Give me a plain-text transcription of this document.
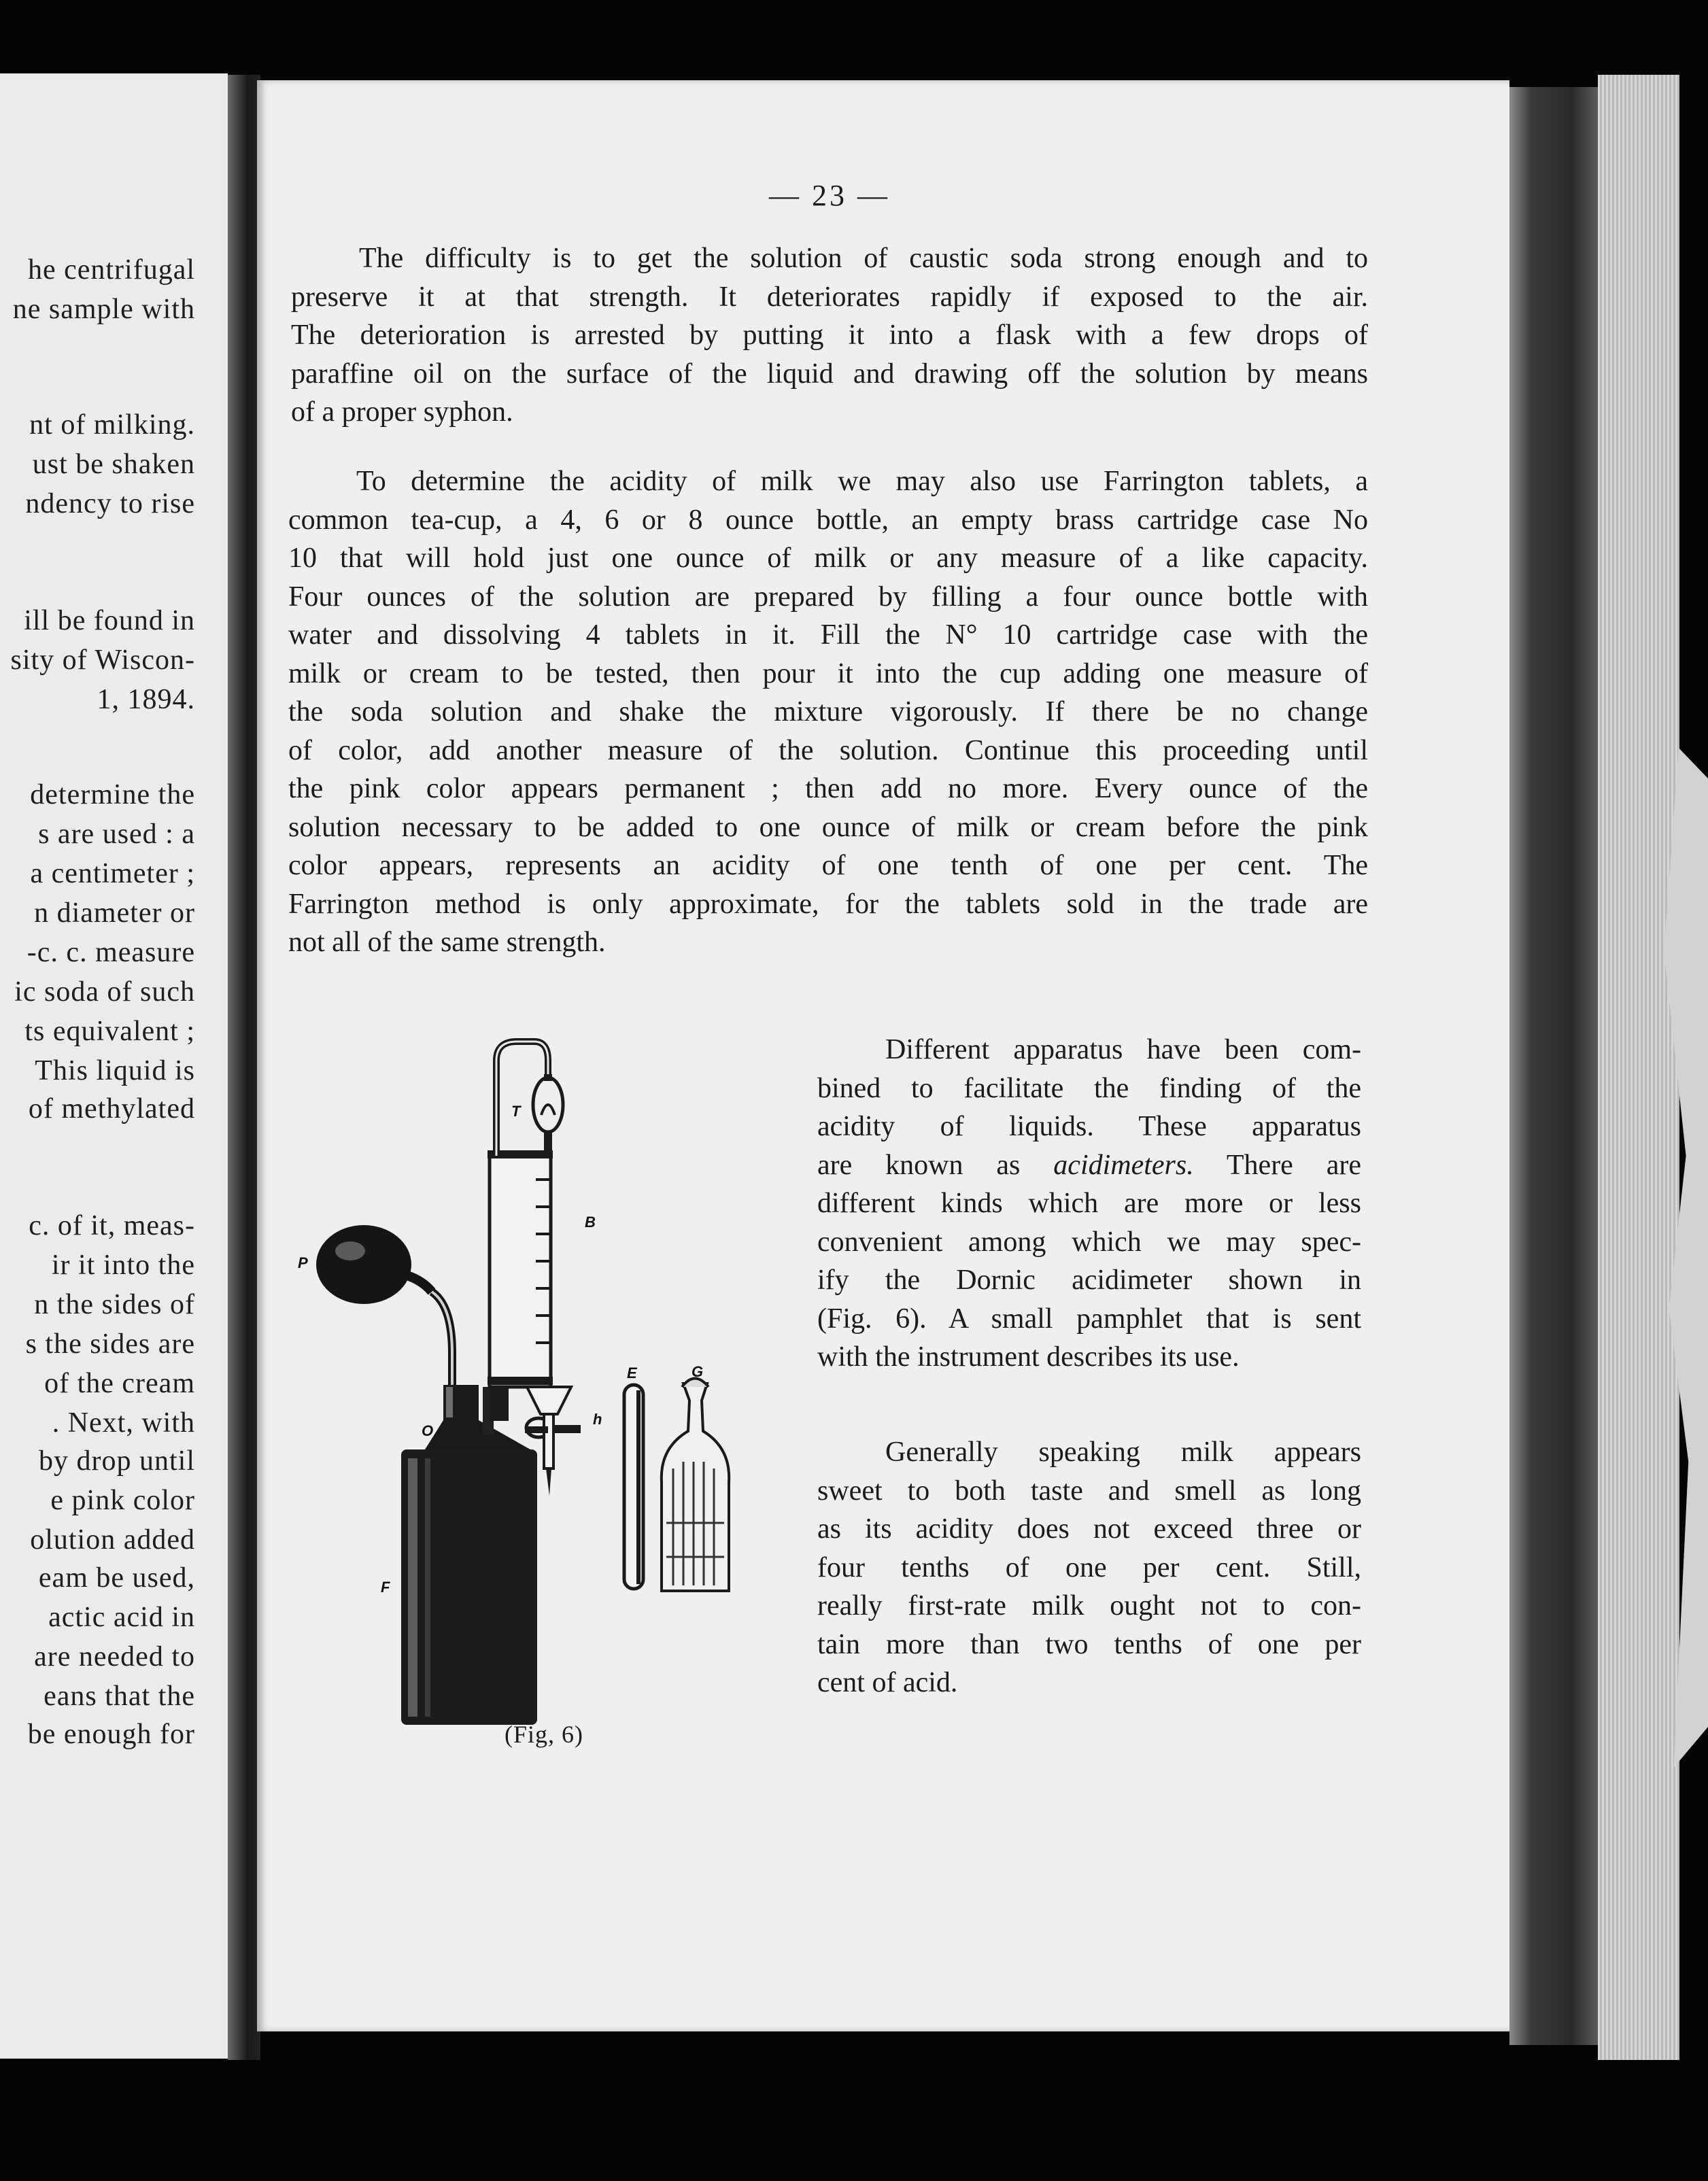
he centrifugal
ne sample with
nt of milking.
ust be shaken
ndency to rise
ill be found in
sity of Wiscon-
1, 1894.
determine the
s are used : a
a centimeter ;
n diameter or
-c. c. measure
ic soda of such
ts equivalent ;
This liquid is
of methylated
c. of it, meas-
ir it into the
n the sides of
s the sides are
of the cream
. Next, with
by drop until
e pink color
olution added
eam be used,
actic acid in
are needed to
eans that the
be enough for
— 23 —
The difficulty is to get the solution of caustic soda strong enough and to
preserve it at that strength. It deteriorates rapidly if exposed to the air.
The deterioration is arrested by putting it into a flask with a few drops of
paraffine oil on the surface of the liquid and drawing off the solution by means
of a proper syphon.
To determine the acidity of milk we may also use Farrington tablets, a
common tea-cup, a 4, 6 or 8 ounce bottle, an empty brass cartridge case No
10 that will hold just one ounce of milk or any measure of a like capacity.
Four ounces of the solution are prepared by filling a four ounce bottle with
water and dissolving 4 tablets in it. Fill the N° 10 cartridge case with the
milk or cream to be tested, then pour it into the cup adding one measure of
the soda solution and shake the mixture vigorously. If there be no change
of color, add another measure of the solution. Continue this proceeding until
the pink color appears permanent ; then add no more. Every ounce of the
solution necessary to be added to one ounce of milk or cream before the pink
color appears, represents an acidity of one tenth of one per cent. The
Farrington method is only approximate, for the tablets sold in the trade are
not all of the same strength.
Different apparatus have been com-
bined to facilitate the finding of the
acidity of liquids. These apparatus
are known as acidimeters. There are
different kinds which are more or less
convenient among which we may spec-
ify the Dornic acidimeter shown in
(Fig. 6). A small pamphlet that is sent
with the instrument describes its use.
Generally speaking milk appears
sweet to both taste and smell as long
as its acidity does not exceed three or
four tenths of one per cent. Still,
really first-rate milk ought not to con-
tain more than two tenths of one per
cent of acid.
T
B
P
O
F
h
E	G
(Fig, 6)
